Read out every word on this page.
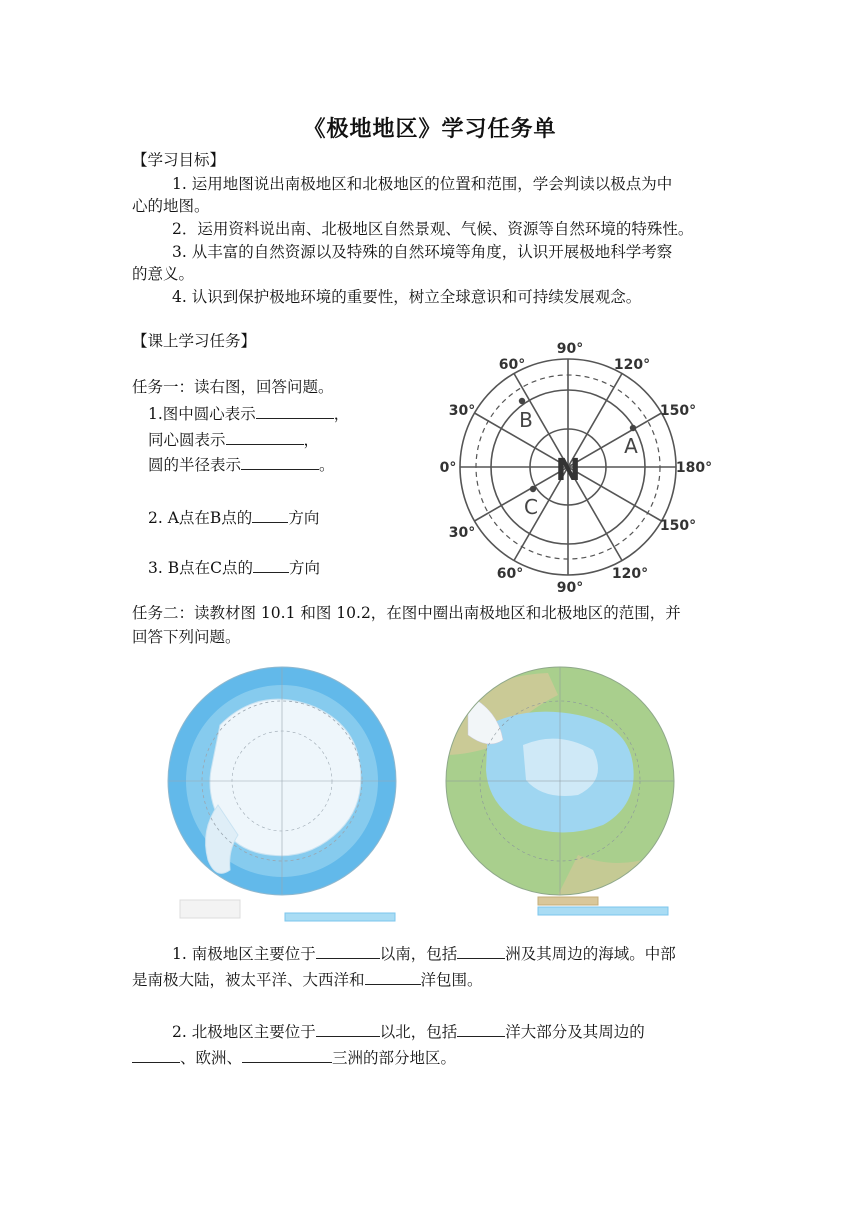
《极地地区》学习任务单
【学习目标】
1. 运用地图说出南极地区和北极地区的位置和范围，学会判读以极点为中
心的地图。
2．运用资料说出南、北极地区自然景观、气候、资源等自然环境的特殊性。
3. 从丰富的自然资源以及特殊的自然环境等角度，认识开展极地科学考察
的意义。
4. 认识到保护极地环境的重要性，树立全球意识和可持续发展观念。
【课上学习任务】
任务一：读右图，回答问题。
1.图中圆心表示	，
同心圆表示	，
圆的半径表示	。
2. A点在B点的 方向
3. B点在C点的 方向
N
B
A
C
90°
60°	120°
30°	150°
0°	180°
30°	150°
60°
90°
120°
任务二：读教材图 10.1 和图 10.2，在图中圈出南极地区和北极地区的范围，并
回答下列问题。
1. 南极地区主要位于	以南，包括	洲及其周边的海域。中部
是南极大陆，被太平洋、大西洋和	洋包围。
2. 北极地区主要位于	以北，包括	洋大部分及其周边的
、欧洲、	三洲的部分地区。
